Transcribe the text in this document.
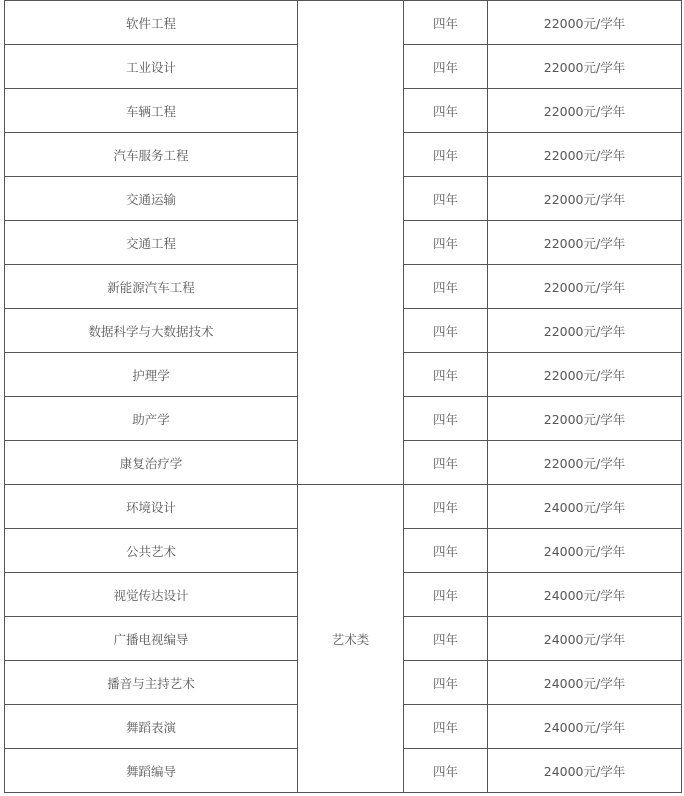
软件工程		四年	22000元/学年
工业设计		四年	22000元/学年
车辆工程		四年	22000元/学年
汽车服务工程		四年	22000元/学年
交通运输		四年	22000元/学年
交通工程		四年	22000元/学年
新能源汽车工程		四年	22000元/学年
数据科学与大数据技术		四年	22000元/学年
护理学		四年	22000元/学年
助产学		四年	22000元/学年
康复治疗学		四年	22000元/学年
环境设计	艺术类	四年	24000元/学年
公共艺术		四年	24000元/学年
视觉传达设计		四年	24000元/学年
广播电视编导		四年	24000元/学年
播音与主持艺术		四年	24000元/学年
舞蹈表演		四年	24000元/学年
舞蹈编导		四年	24000元/学年
